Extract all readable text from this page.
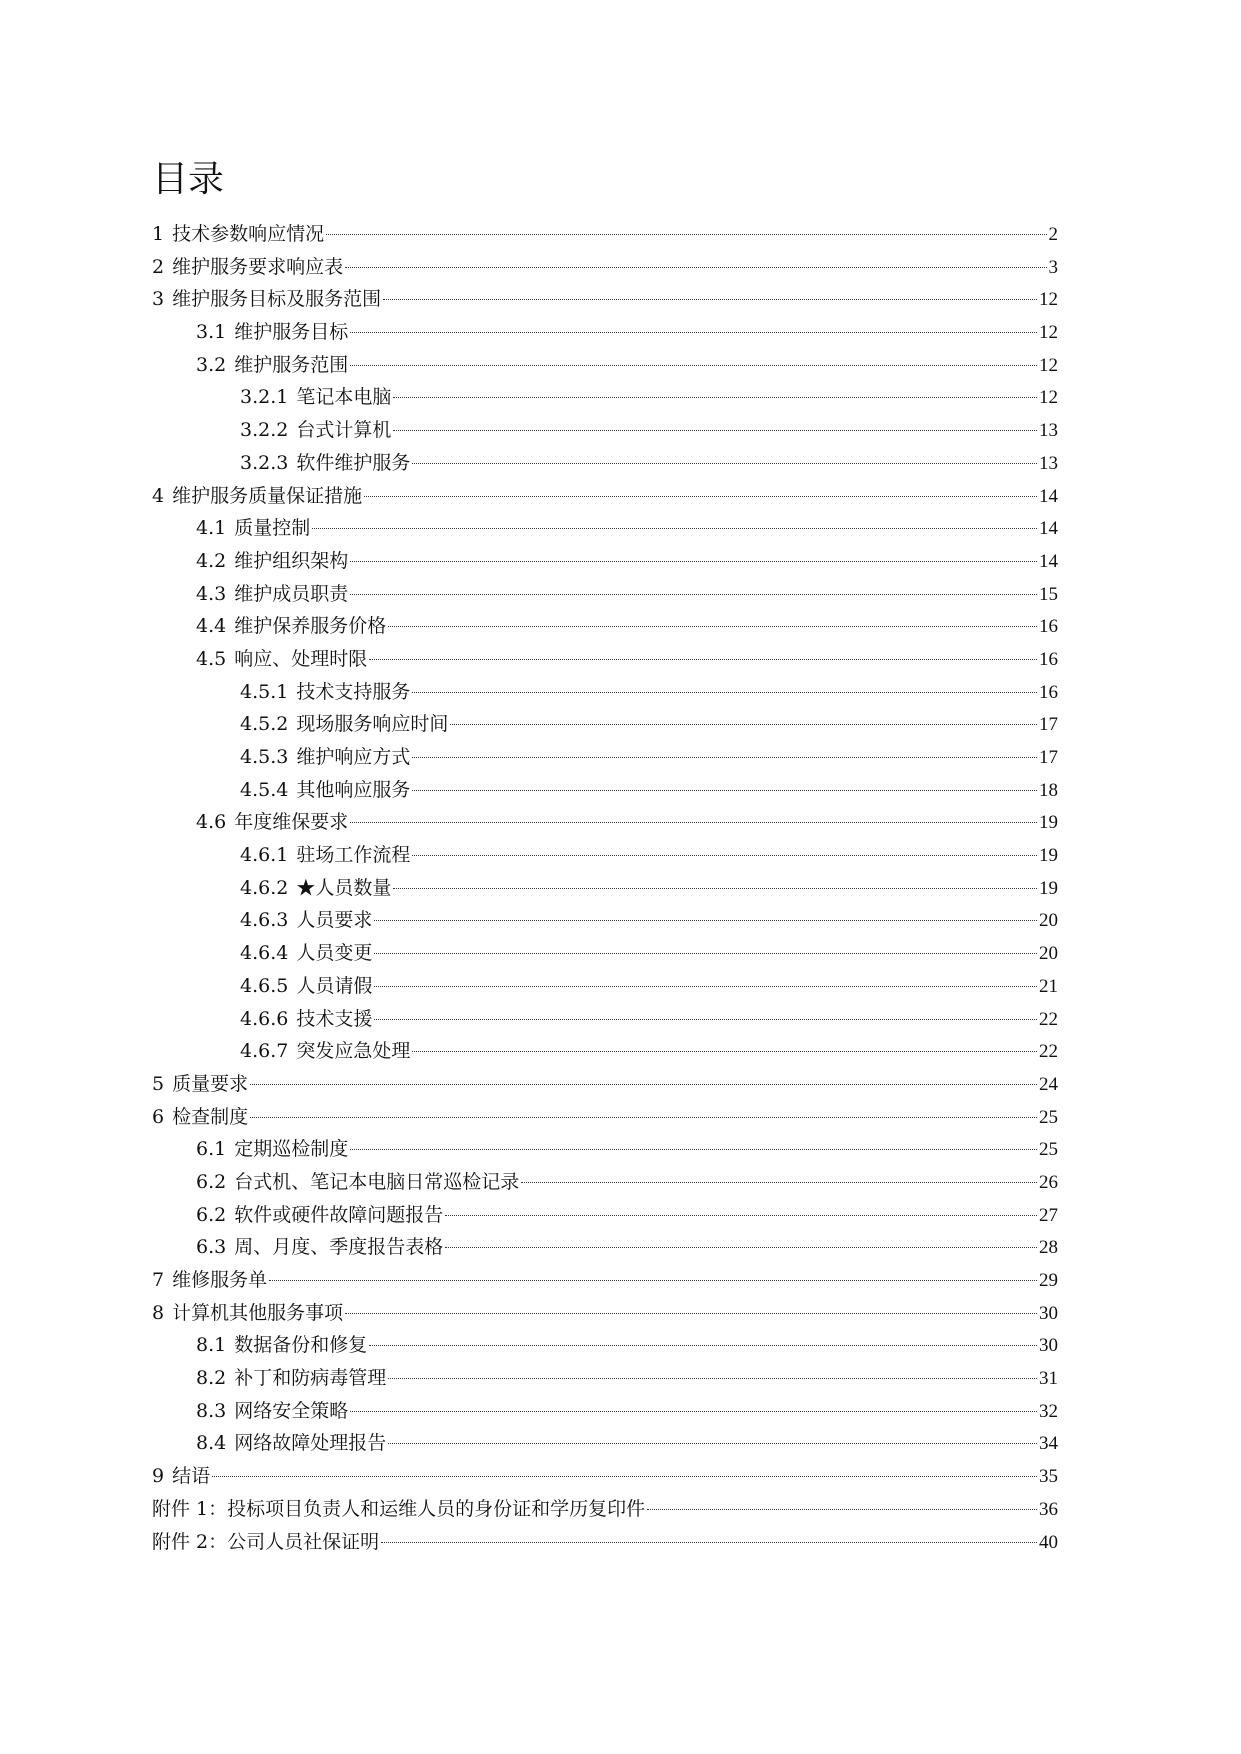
目录
1 技术参数响应情况	2
2 维护服务要求响应表	3
3 维护服务目标及服务范围	12
3.1 维护服务目标	12
3.2 维护服务范围	12
3.2.1 笔记本电脑	12
3.2.2 台式计算机	13
3.2.3 软件维护服务	13
4 维护服务质量保证措施	14
4.1 质量控制	14
4.2 维护组织架构	14
4.3 维护成员职责	15
4.4 维护保养服务价格	16
4.5 响应、处理时限	16
4.5.1 技术支持服务	16
4.5.2 现场服务响应时间	17
4.5.3 维护响应方式	17
4.5.4 其他响应服务	18
4.6 年度维保要求	19
4.6.1 驻场工作流程	19
4.6.2 ★人员数量	19
4.6.3 人员要求	20
4.6.4 人员变更	20
4.6.5 人员请假	21
4.6.6 技术支援	22
4.6.7 突发应急处理	22
5 质量要求	24
6 检查制度	25
6.1 定期巡检制度	25
6.2 台式机、笔记本电脑日常巡检记录	26
6.2 软件或硬件故障问题报告	27
6.3 周、月度、季度报告表格	28
7 维修服务单	29
8 计算机其他服务事项	30
8.1 数据备份和修复	30
8.2 补丁和防病毒管理	31
8.3 网络安全策略	32
8.4 网络故障处理报告	34
9 结语	35
附件 1：投标项目负责人和运维人员的身份证和学历复印件	36
附件 2：公司人员社保证明	40
